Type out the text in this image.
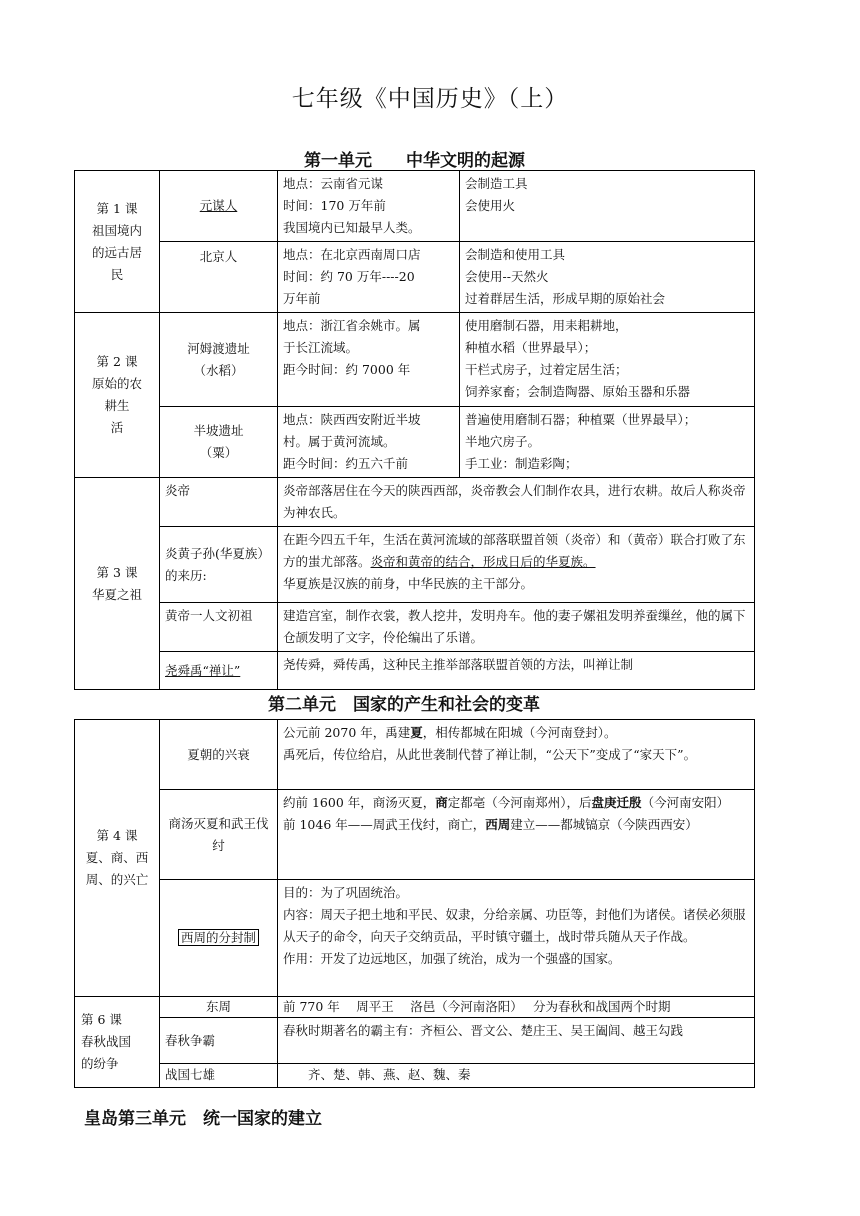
七年级《中国历史》（上）
第一单元　　中华文明的起源
第 1 课
祖国境内
的远古居
民	元谋人	地点：云南省元谋
时间：170 万年前
我国境内已知最早人类。	会制造工具
会使用火

	北京人	地点：在北京西南周口店
时间：约 70 万年----20
万年前	会制造和使用工具
会使用--天然火
过着群居生活，形成早期的原始社会

第 2 课
原始的农
耕生
活	河姆渡遗址
（水稻）	地点：浙江省余姚市。属
于长江流域。
距今时间：约 7000 年	使用磨制石器，用耒耜耕地，
种植水稻（世界最早）；
干栏式房子，过着定居生活；
饲养家畜；会制造陶器、原始玉器和乐器

	半坡遗址
（粟）	地点：陕西西安附近半坡
村。属于黄河流域。
距今时间：约五六千前	普遍使用磨制石器；种植粟（世界最早）；
半地穴房子。
手工业：制造彩陶；

第 3 课
华夏之祖	炎帝	炎帝部落居住在今天的陕西西部，炎帝教会人们制作农具，进行农耕。故后人称炎帝为神农氏。	
	炎黄子孙(华夏族）的来历:	在距今四五千年，生活在黄河流域的部落联盟首领（炎帝）和（黄帝）联合打败了东方的蚩尤部落。炎帝和黄帝的结合，形成日后的华夏族。
华夏族是汉族的前身，中华民族的主干部分。	
	黄帝一人文初祖	建造宫室，制作衣裳，教人挖井，发明舟车。他的妻子嫘祖发明养蚕缫丝，他的属下仓颉发明了文字，伶伦编出了乐谱。	
	尧舜禹“禅让”	尧传舜，舜传禹，这种民主推举部落联盟首领的方法，叫禅让制	
第二单元　国家的产生和社会的变革
第 4 课
夏、商、西
周、的兴亡	夏朝的兴衰	公元前 2070 年，禹建夏，相传都城在阳城（今河南登封）。
禹死后，传位给启，从此世袭制代替了禅让制，“公天下”变成了“家天下”。
	商汤灭夏和武王伐纣	约前 1600 年，商汤灭夏，商定都亳（今河南郑州），后盘庚迁殷（今河南安阳）
前 1046 年——周武王伐纣，商亡，西周建立——都城镐京（今陕西西安）
	西周的分封制	目的：为了巩固统治。
内容：周天子把土地和平民、奴隶，分给亲属、功臣等，封他们为诸侯。诸侯必须服从天子的命令，向天子交纳贡品，平时镇守疆土，战时带兵随从天子作战。
作用：开发了边远地区，加强了统治，成为一个强盛的国家。

第 6 课
春秋战国
的纷争	东周	前 770 年　 周平王　 洛邑（今河南洛阳）　 分为春秋和战国两个时期
	春秋争霸	春秋时期著名的霸主有：齐桓公、晋文公、楚庄王、吴王阖闾、越王勾践
	战国七雄	齐、楚、韩、燕、赵、魏、秦
皇岛第三单元　统一国家的建立
